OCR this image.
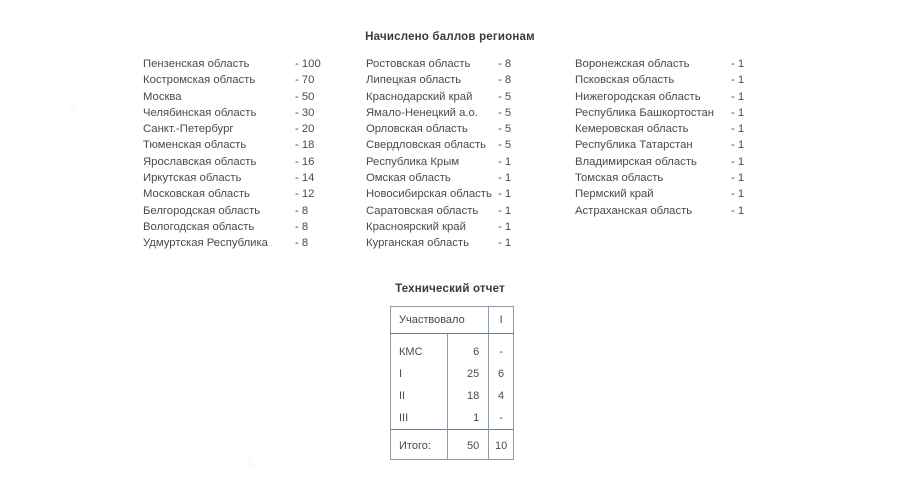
Начислено баллов регионам
Пензенская область	- 100
Костромская область	- 70
Москва	- 50
Челябинская область	- 30
Санкт.-Петербург	- 20
Тюменская область	- 18
Ярославская область	- 16
Иркутская область	- 14
Московская область	- 12
Белгородская область	- 8
Вологодская область	- 8
Удмуртская Республика	- 8
Ростовская область	- 8
Липецкая область	- 8
Краснодарский край	- 5
Ямало-Ненецкий а.о.	- 5
Орловская область	- 5
Свердловская область	- 5
Республика Крым	- 1
Омская область	- 1
Новосибирская область - 1
Саратовская область	- 1
Красноярский край	- 1
Курганская область	- 1
Воронежская область	- 1
Псковская область	- 1
Нижегородская область	- 1
Республика Башкортостан	- 1
Кемеровская область	- 1
Республика Татарстан	- 1
Владимирская область	- 1
Томская область	- 1
Пермский край	- 1
Астраханская область	- 1
Технический отчет
Участвовало		I
КМС	6	-
I	25	6
II	18	4
III	1	-
Итого:	50	10
